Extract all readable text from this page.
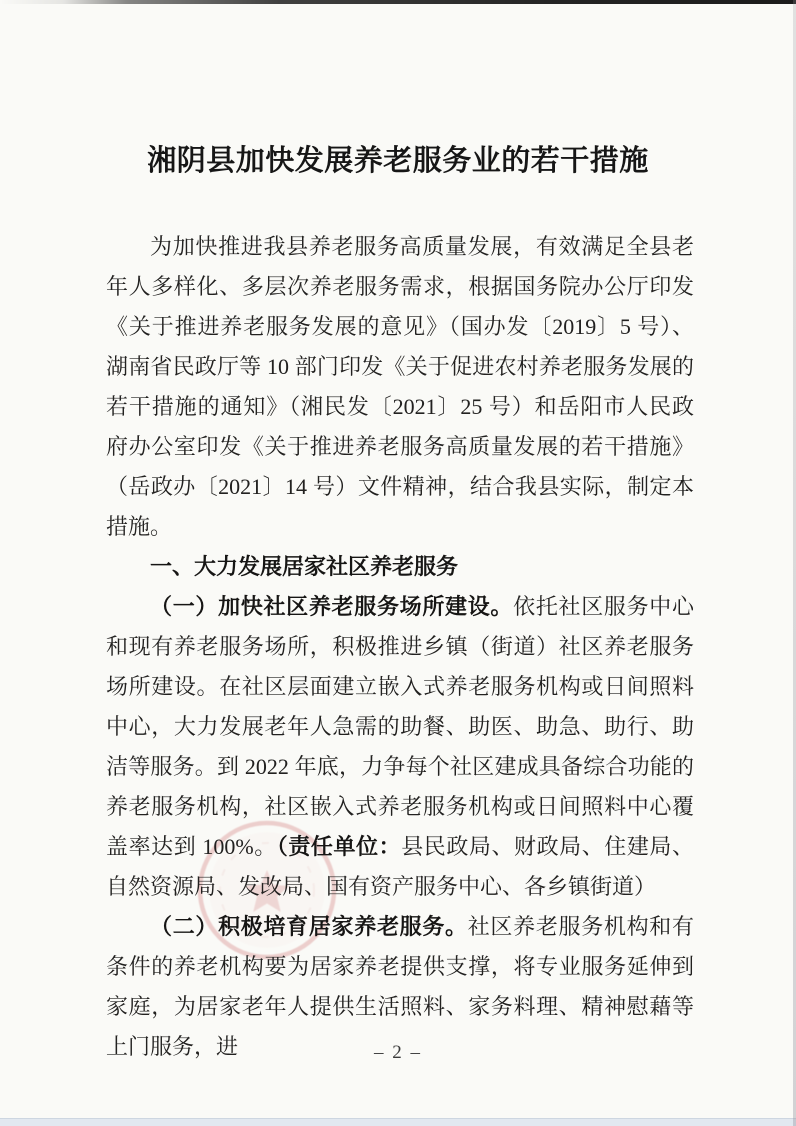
湘阴县加快发展养老服务业的若干措施
为加快推进我县养老服务高质量发展，有效满足全县老年人多样化、多层次养老服务需求，根据国务院办公厅印发《关于推进养老服务发展的意见》（国办发〔2019〕5 号）、湖南省民政厅等 10 部门印发《关于促进农村养老服务发展的若干措施的通知》（湘民发〔2021〕25 号）和岳阳市人民政府办公室印发《关于推进养老服务高质量发展的若干措施》（岳政办〔2021〕14 号）文件精神，结合我县实际，制定本措施。
一、大力发展居家社区养老服务
（一）加快社区养老服务场所建设。依托社区服务中心和现有养老服务场所，积极推进乡镇（街道）社区养老服务场所建设。在社区层面建立嵌入式养老服务机构或日间照料中心，大力发展老年人急需的助餐、助医、助急、助行、助洁等服务。到 2022 年底，力争每个社区建成具备综合功能的养老服务机构，社区嵌入式养老服务机构或日间照料中心覆盖率达到 100%。（责任单位：县民政局、财政局、住建局、自然资源局、发改局、国有资产服务中心、各乡镇街道）
（二）积极培育居家养老服务。社区养老服务机构和有条件的养老机构要为居家养老提供支撑，将专业服务延伸到家庭，为居家老年人提供生活照料、家务料理、精神慰藉等上门服务，进	– 2 –
